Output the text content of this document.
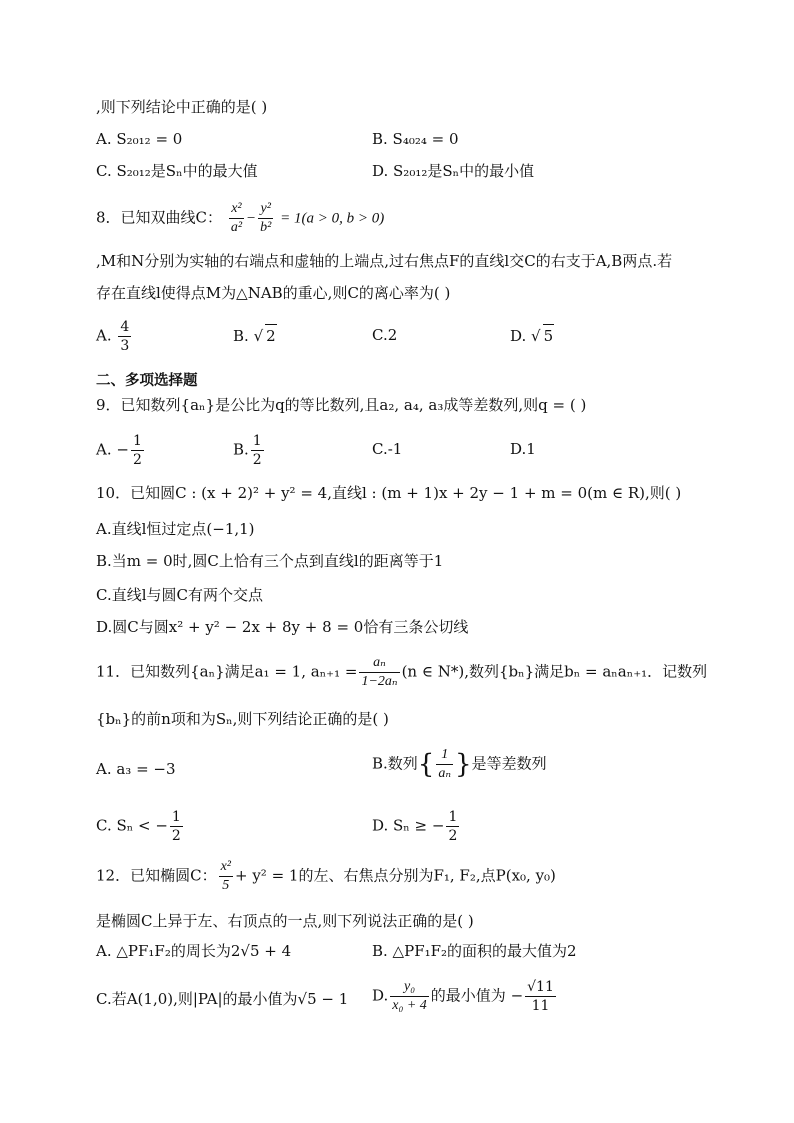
,则下列结论中正确的是( )
A. S₂₀₁₂ = 0	B. S₄₀₂₄ = 0
C. S₂₀₁₂是Sₙ中的最大值	D. S₂₀₁₂是Sₙ中的最小值
8．已知双曲线C： $\frac{\text{x²}}{\text{a²}} - \frac{\text{y²}}{\text{b²}} = 1(a > 0$, b > 0)
,M和N分别为实轴的右端点和虚轴的上端点,过右焦点F的直线l交C的右支于A,B两点.若
存在直线l使得点M为△NAB的重心,则C的离心率为( )
A. $\frac{4}{3}$	B. √ 2	C.2	D. √ 5
二、多项选择题
9．已知数列{aₙ}是公比为q的等比数列,且a₂, a₄, a₃成等差数列,则q = ( )
A. − $\frac{1}{2}$	B. $\frac{1}{2}$	C.-1	D.1
10．已知圆C : (x + 2)² + y² = 4,直线l : (m + 1)x + 2y − 1 + m = 0(m ∈ R),则( )
A.直线l恒过定点(−1,1)
B.当m = 0时,圆C上恰有三个点到直线l的距离等于1
C.直线l与圆C有两个交点
D.圆C与圆x² + y² − 2x + 8y + 8 = 0恰有三条公切线
11．已知数列{aₙ}满足a₁ = 1, $a_{n+1} = \frac{\text{aₙ}}{\text{1−2aₙ}} (n$ ∈ N*),数列{bₙ}满足bₙ = aₙaₙ₊₁．记数列
{bₙ}的前n项和为Sₙ,则下列结论正确的是( )
A. a₃ = −3	B.数列{ $\frac{1}{\text{aₙ}}$ }是等差数列
C. Sₙ < − $\frac{1}{2}$	D. Sₙ ≥ − $\frac{1}{2}$
12．已知椭圆C： $\frac{\text{x²}}{5} + y^2 = 1$的左、右焦点分别为F₁, F₂,点P(x₀, y₀)
是椭圆C上异于左、右顶点的一点,则下列说法正确的是( )
A. △PF₁F₂的周长为2√5 + 4	B. △PF₁F₂的面积的最大值为2
C.若A(1,0),则|PA|的最小值为√5 − 1 D. $\frac{\text{y₀}}{\text{x₀ + 4}}$ 的最小值为 − $\frac{√11}{11}$
